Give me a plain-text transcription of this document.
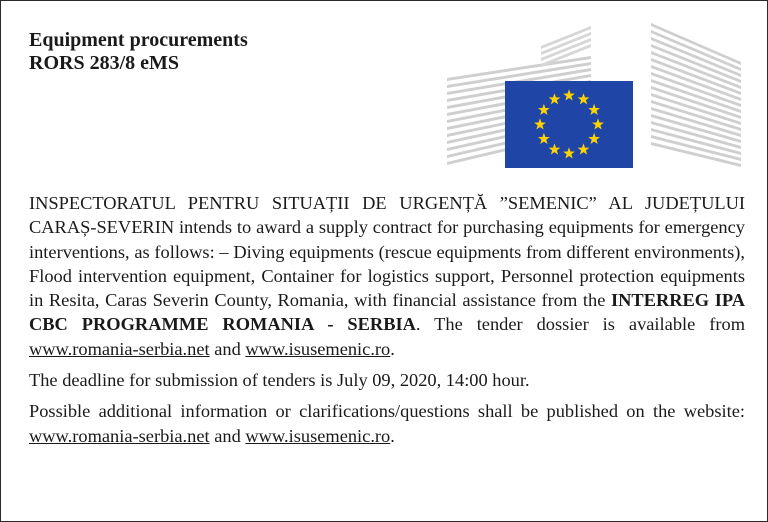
Equipment procurements
RORS 283/8 eMS

INSPECTORATUL PENTRU SITUAȚII DE URGENȚĂ ”SEMENIC” AL JUDEȚULUI CARAȘ-SEVERIN intends to award a supply contract for purchasing equipments for emergency interventions, as follows: – Diving equipments (rescue equipments from different environments), Flood intervention equipment, Container for logistics support, Personnel protection equipments in Resita, Caras Severin County, Romania, with financial assistance from the INTERREG IPA CBC PROGRAMME ROMANIA - SERBIA. The tender dossier is available from www.romania-serbia.net and www.isusemenic.ro.

The deadline for submission of tenders is July 09, 2020, 14:00 hour.

Possible additional information or clarifications/questions shall be published on the website: www.romania-serbia.net and www.isusemenic.ro.
